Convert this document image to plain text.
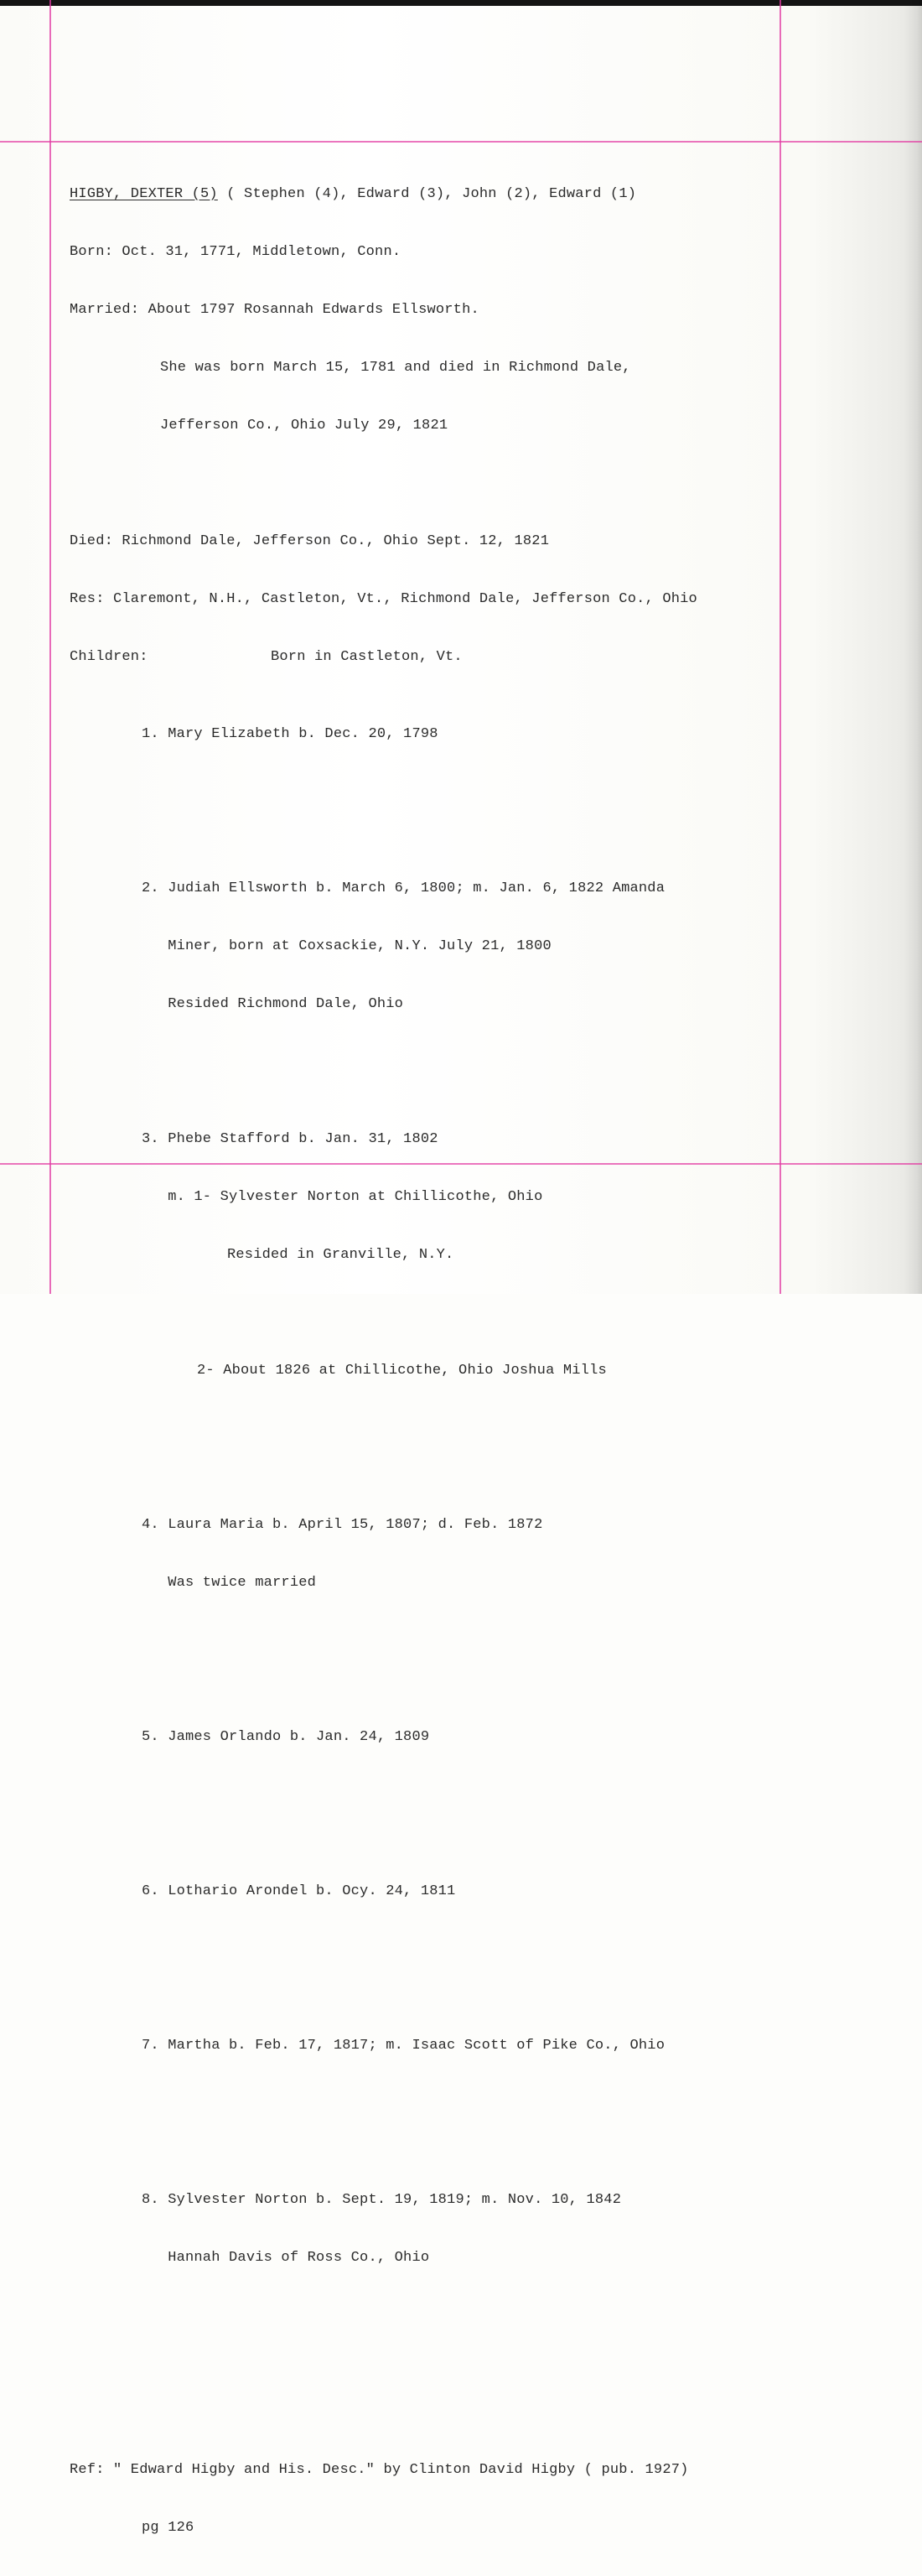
HIGBY, DEXTER (5) ( Stephen (4), Edward (3), John (2), Edward (1)

Born: Oct. 31, 1771, Middletown, Conn.

Married: About 1797 Rosannah Edwards Ellsworth.

She was born March 15, 1781 and died in Richmond Dale,

Jefferson Co., Ohio July 29, 1821

Died: Richmond Dale, Jefferson Co., Ohio Sept. 12, 1821

Res: Claremont, N.H., Castleton, Vt., Richmond Dale, Jefferson Co., Ohio

Children:	Born in Castleton, Vt.

1. Mary Elizabeth b. Dec. 20, 1798

2. Judiah Ellsworth b. March 6, 1800; m. Jan. 6, 1822 Amanda

Miner, born at Coxsackie, N.Y. July 21, 1800

Resided Richmond Dale, Ohio

3. Phebe Stafford b. Jan. 31, 1802

m. 1- Sylvester Norton at Chillicothe, Ohio

Resided in Granville, N.Y.

2- About 1826 at Chillicothe, Ohio Joshua Mills

4. Laura Maria b. April 15, 1807; d. Feb. 1872

Was twice married

5. James Orlando b. Jan. 24, 1809

6. Lothario Arondel b. Ocy. 24, 1811

7. Martha b. Feb. 17, 1817; m. Isaac Scott of Pike Co., Ohio

8. Sylvester Norton b. Sept. 19, 1819; m. Nov. 10, 1842

Hannah Davis of Ross Co., Ohio

Ref: " Edward Higby and His. Desc." by Clinton David Higby ( pub. 1927)

pg 126
